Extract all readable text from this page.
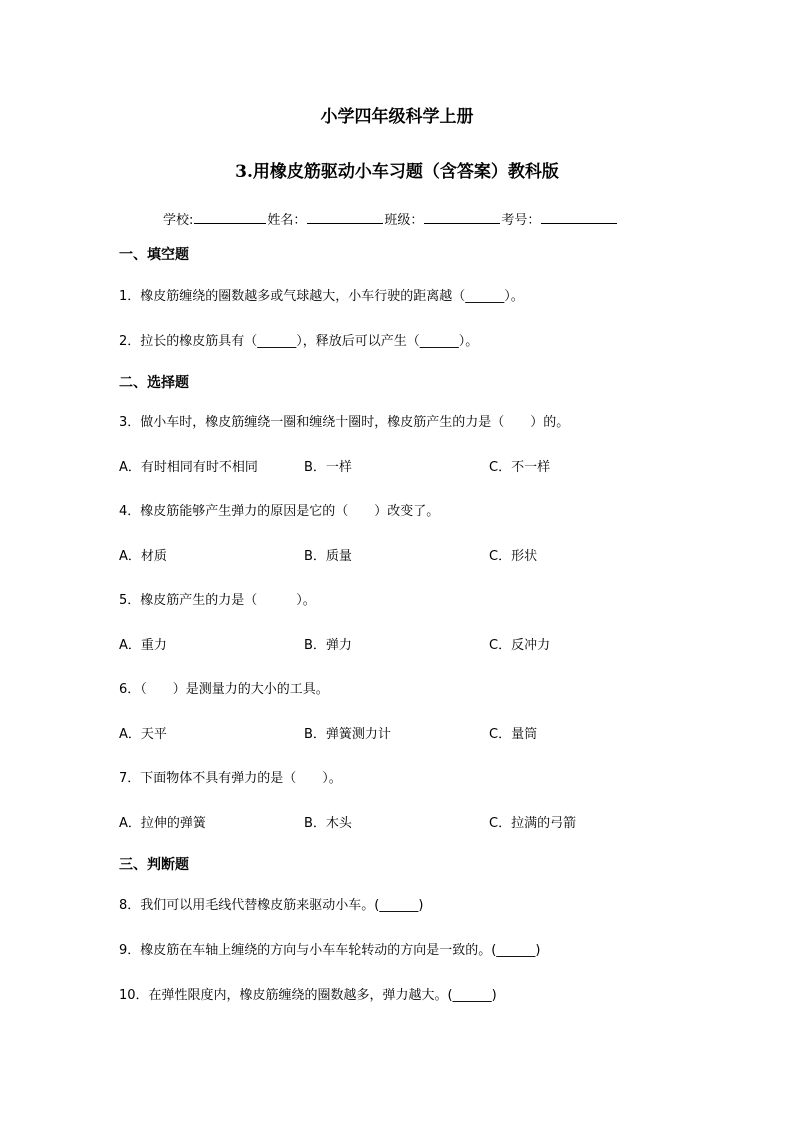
小学四年级科学上册
3.用橡皮筋驱动小车习题（含答案）教科版
学校:	姓名：	班级：	考号：
一、填空题
1．橡皮筋缠绕的圈数越多或气球越大，小车行驶的距离越（______）。
2．拉长的橡皮筋具有（______），释放后可以产生（______）。
二、选择题
3．做小车时，橡皮筋缠绕一圈和缠绕十圈时，橡皮筋产生的力是（　　）的。
A．有时相同有时不相同	B．一样	C．不一样
4．橡皮筋能够产生弹力的原因是它的（　　）改变了。
A．材质	B．质量	C．形状
5．橡皮筋产生的力是（　　　）。
A．重力	B．弹力	C．反冲力
6．（　　）是测量力的大小的工具。
A．天平	B．弹簧测力计	C．量筒
7．下面物体不具有弹力的是（　　）。
A．拉伸的弹簧	B．木头	C．拉满的弓箭
三、判断题
8．我们可以用毛线代替橡皮筋来驱动小车。(______)
9．橡皮筋在车轴上缠绕的方向与小车车轮转动的方向是一致的。(______)
10．在弹性限度内，橡皮筋缠绕的圈数越多，弹力越大。(______)
